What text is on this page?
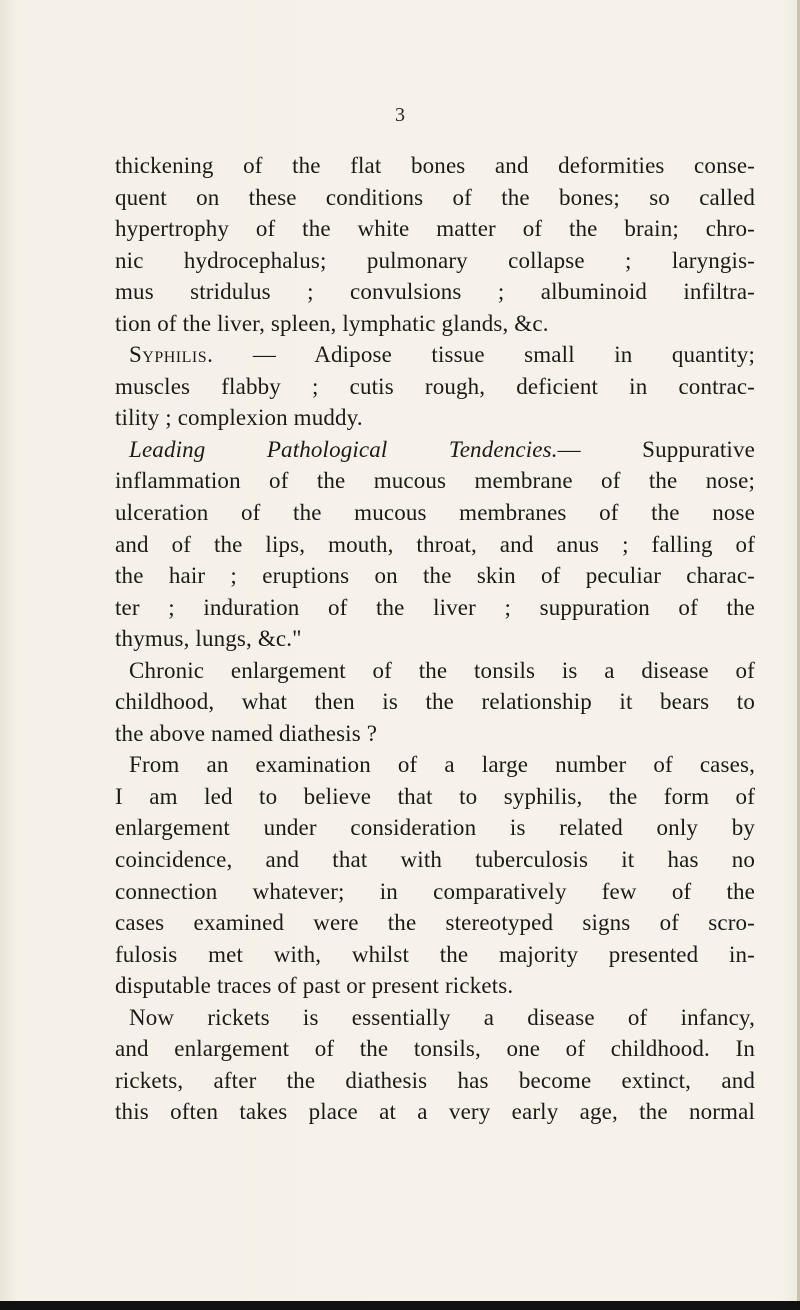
3
thickening of the flat bones and deformities conse-
quent on these conditions of the bones; so called
hypertrophy of the white matter of the brain; chro-
nic hydrocephalus; pulmonary collapse ; laryngis-
mus stridulus ; convulsions ; albuminoid infiltra-
tion of the liver, spleen, lymphatic glands, &c.
Syphilis. — Adipose tissue small in quantity;
muscles flabby ; cutis rough, deficient in contrac-
tility ; complexion muddy.
Leading Pathological Tendencies.— Suppurative
inflammation of the mucous membrane of the nose;
ulceration of the mucous membranes of the nose
and of the lips, mouth, throat, and anus ; falling of
the hair ; eruptions on the skin of peculiar charac-
ter ; induration of the liver ; suppuration of the
thymus, lungs, &c."
Chronic enlargement of the tonsils is a disease of
childhood, what then is the relationship it bears to
the above named diathesis ?
From an examination of a large number of cases,
I am led to believe that to syphilis, the form of
enlargement under consideration is related only by
coincidence, and that with tuberculosis it has no
connection whatever; in comparatively few of the
cases examined were the stereotyped signs of scro-
fulosis met with, whilst the majority presented in-
disputable traces of past or present rickets.
Now rickets is essentially a disease of infancy,
and enlargement of the tonsils, one of childhood. In
rickets, after the diathesis has become extinct, and
this often takes place at a very early age, the normal
